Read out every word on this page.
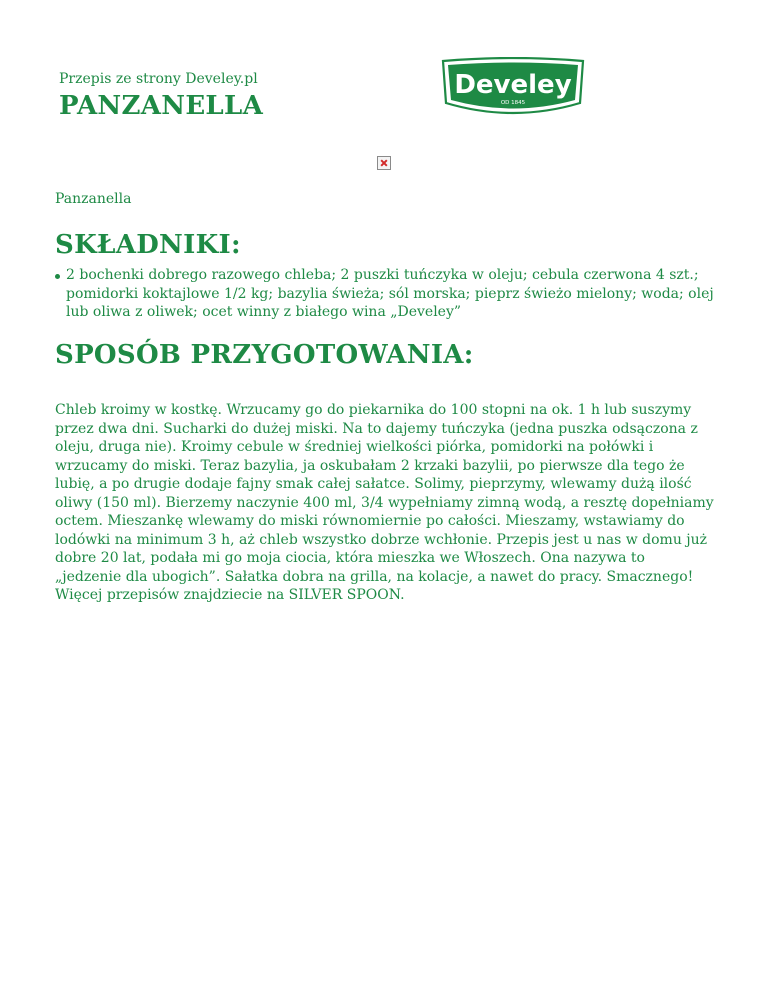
Przepis ze strony Develey.pl

PANZANELLA
Develey
OD 1845

Panzanella

SKŁADNIKI:
2 bochenki dobrego razowego chleba; 2 puszki tuńczyka w oleju; cebula czerwona 4 szt.; pomidorki koktajlowe 1/2 kg; bazylia świeża; sól morska; pieprz świeżo mielony; woda; olej lub oliwa z oliwek; ocet winny z białego wina „Develey”
SPOSÓB PRZYGOTOWANIA:

Chleb kroimy w kostkę. Wrzucamy go do piekarnika do 100 stopni na ok. 1 h lub suszymy przez dwa dni. Sucharki do dużej miski. Na to dajemy tuńczyka (jedna puszka odsączona z oleju, druga nie). Kroimy cebule w średniej wielkości piórka, pomidorki na połówki i wrzucamy do miski. Teraz bazylia, ja oskubałam 2 krzaki bazylii, po pierwsze dla tego że lubię, a po drugie dodaje fajny smak całej sałatce. Solimy, pieprzymy, wlewamy dużą ilość oliwy (150 ml). Bierzemy naczynie 400 ml, 3/4 wypełniamy zimną wodą, a resztę dopełniamy octem. Mieszankę wlewamy do miski równomiernie po całości. Mieszamy, wstawiamy do lodówki na minimum 3 h, aż chleb wszystko dobrze wchłonie. Przepis jest u nas w domu już dobre 20 lat, podała mi go moja ciocia, która mieszka we Włoszech. Ona nazywa to „jedzenie dla ubogich”. Sałatka dobra na grilla, na kolacje, a nawet do pracy. Smacznego! Więcej przepisów znajdziecie na SILVER SPOON.
